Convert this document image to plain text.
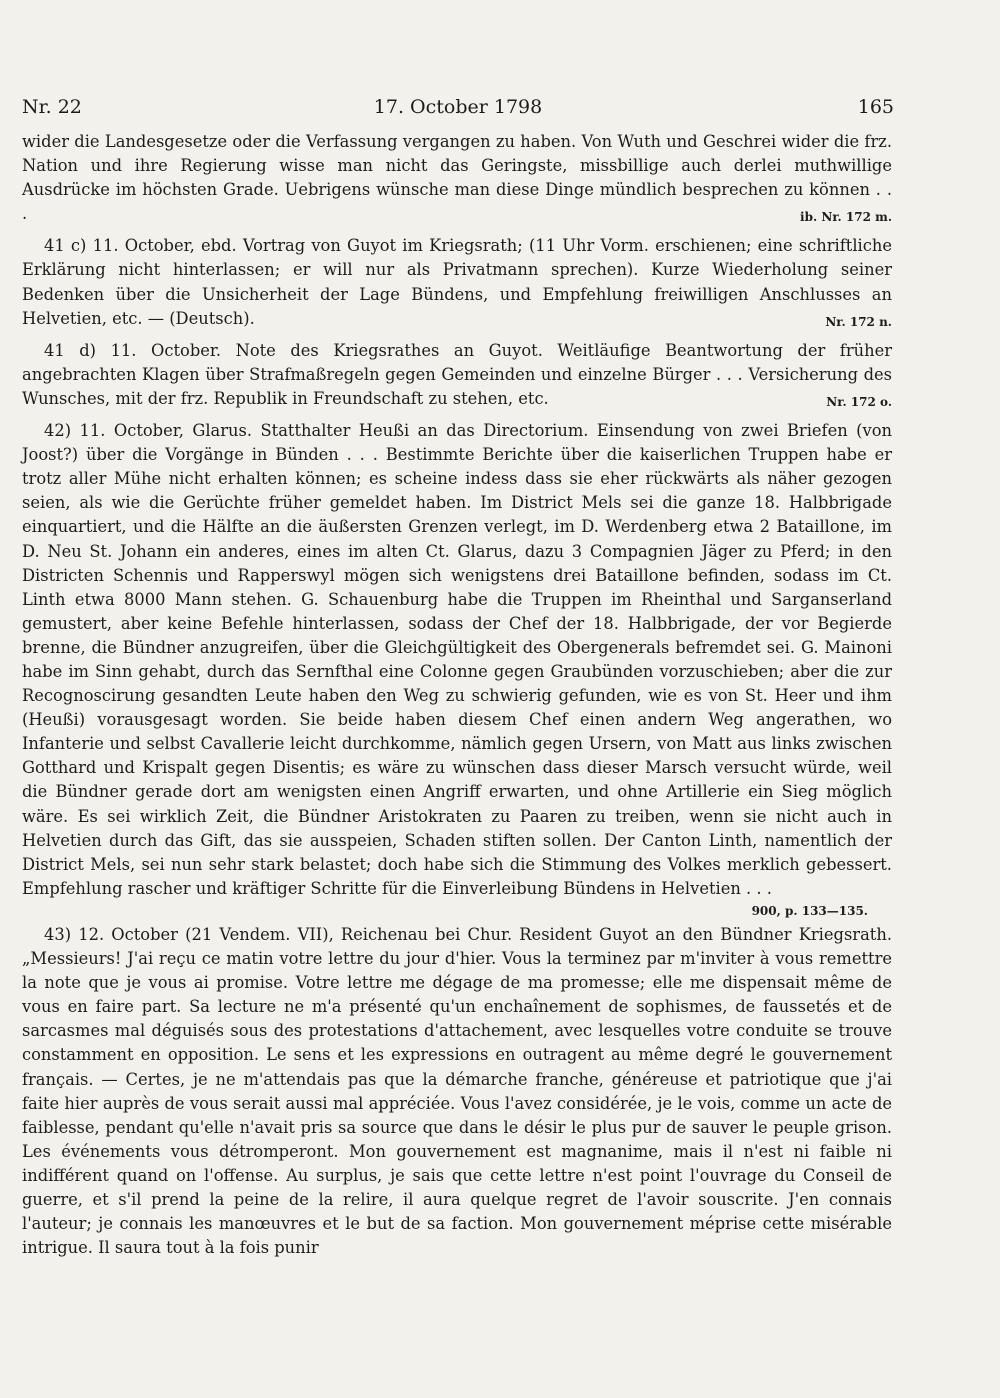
Nr. 22	17. October 1798	165

wider die Landesgesetze oder die Verfassung vergangen zu haben. Von Wuth und Geschrei wider die frz. Nation und ihre Regierung wisse man nicht das Geringste, missbillige auch derlei muthwillige Ausdrücke im höchsten Grade. Uebrigens wünsche man diese Dinge mündlich besprechen zu können . . .	ib. Nr. 172 m.

41 c) 11. October, ebd. Vortrag von Guyot im Kriegsrath; (11 Uhr Vorm. erschienen; eine schriftliche Erklärung nicht hinterlassen; er will nur als Privatmann sprechen). Kurze Wiederholung seiner Bedenken über die Unsicherheit der Lage Bündens, und Empfehlung freiwilligen Anschlusses an Helvetien, etc. — (Deutsch).	Nr. 172 n.

41 d) 11. October. Note des Kriegsrathes an Guyot. Weitläufige Beantwortung der früher angebrachten Klagen über Strafmaßregeln gegen Gemeinden und einzelne Bürger . . . Versicherung des Wunsches, mit der frz. Republik in Freundschaft zu stehen, etc.	Nr. 172 o.

42) 11. October, Glarus. Statthalter Heußi an das Directorium. Einsendung von zwei Briefen (von Joost?) über die Vorgänge in Bünden . . . Bestimmte Berichte über die kaiserlichen Truppen habe er trotz aller Mühe nicht erhalten können; es scheine indess dass sie eher rückwärts als näher gezogen seien, als wie die Gerüchte früher gemeldet haben. Im District Mels sei die ganze 18. Halbbrigade einquartiert, und die Hälfte an die äußersten Grenzen verlegt, im D. Werdenberg etwa 2 Bataillone, im D. Neu St. Johann ein anderes, eines im alten Ct. Glarus, dazu 3 Compagnien Jäger zu Pferd; in den Districten Schennis und Rapperswyl mögen sich wenigstens drei Bataillone befinden, sodass im Ct. Linth etwa 8000 Mann stehen. G. Schauenburg habe die Truppen im Rheinthal und Sarganserland gemustert, aber keine Befehle hinterlassen, sodass der Chef der 18. Halbbrigade, der vor Begierde brenne, die Bündner anzugreifen, über die Gleichgültigkeit des Obergenerals befremdet sei. G. Mainoni habe im Sinn gehabt, durch das Sernfthal eine Colonne gegen Graubünden vorzuschieben; aber die zur Recognoscirung gesandten Leute haben den Weg zu schwierig gefunden, wie es von St. Heer und ihm (Heußi) vorausgesagt worden. Sie beide haben diesem Chef einen andern Weg angerathen, wo Infanterie und selbst Cavallerie leicht durchkomme, nämlich gegen Ursern, von Matt aus links zwischen Gotthard und Krispalt gegen Disentis; es wäre zu wünschen dass dieser Marsch versucht würde, weil die Bündner gerade dort am wenigsten einen Angriff erwarten, und ohne Artillerie ein Sieg möglich wäre. Es sei wirklich Zeit, die Bündner Aristokraten zu Paaren zu treiben, wenn sie nicht auch in Helvetien durch das Gift, das sie ausspeien, Schaden stiften sollen. Der Canton Linth, namentlich der District Mels, sei nun sehr stark belastet; doch habe sich die Stimmung des Volkes merklich gebessert. Empfehlung rascher und kräftiger Schritte für die Einverleibung Bündens in Helvetien . . .
900, p. 133—135.

43) 12. October (21 Vendem. VII), Reichenau bei Chur. Resident Guyot an den Bündner Kriegsrath. „Messieurs! J'ai reçu ce matin votre lettre du jour d'hier. Vous la terminez par m'inviter à vous remettre la note que je vous ai promise. Votre lettre me dégage de ma promesse; elle me dispensait même de vous en faire part. Sa lecture ne m'a présenté qu'un enchaînement de sophismes, de faussetés et de sarcasmes mal déguisés sous des protestations d'attachement, avec lesquelles votre conduite se trouve constamment en opposition. Le sens et les expressions en outragent au même degré le gouvernement français. — Certes, je ne m'attendais pas que la démarche franche, généreuse et patriotique que j'ai faite hier auprès de vous serait aussi mal appréciée. Vous l'avez considérée, je le vois, comme un acte de faiblesse, pendant qu'elle n'avait pris sa source que dans le désir le plus pur de sauver le peuple grison. Les événements vous détromperont. Mon gouvernement est magnanime, mais il n'est ni faible ni indifférent quand on l'offense. Au surplus, je sais que cette lettre n'est point l'ouvrage du Conseil de guerre, et s'il prend la peine de la relire, il aura quelque regret de l'avoir souscrite. J'en connais l'auteur; je connais les manœuvres et le but de sa faction. Mon gouvernement méprise cette misérable intrigue. Il saura tout à la fois punir
